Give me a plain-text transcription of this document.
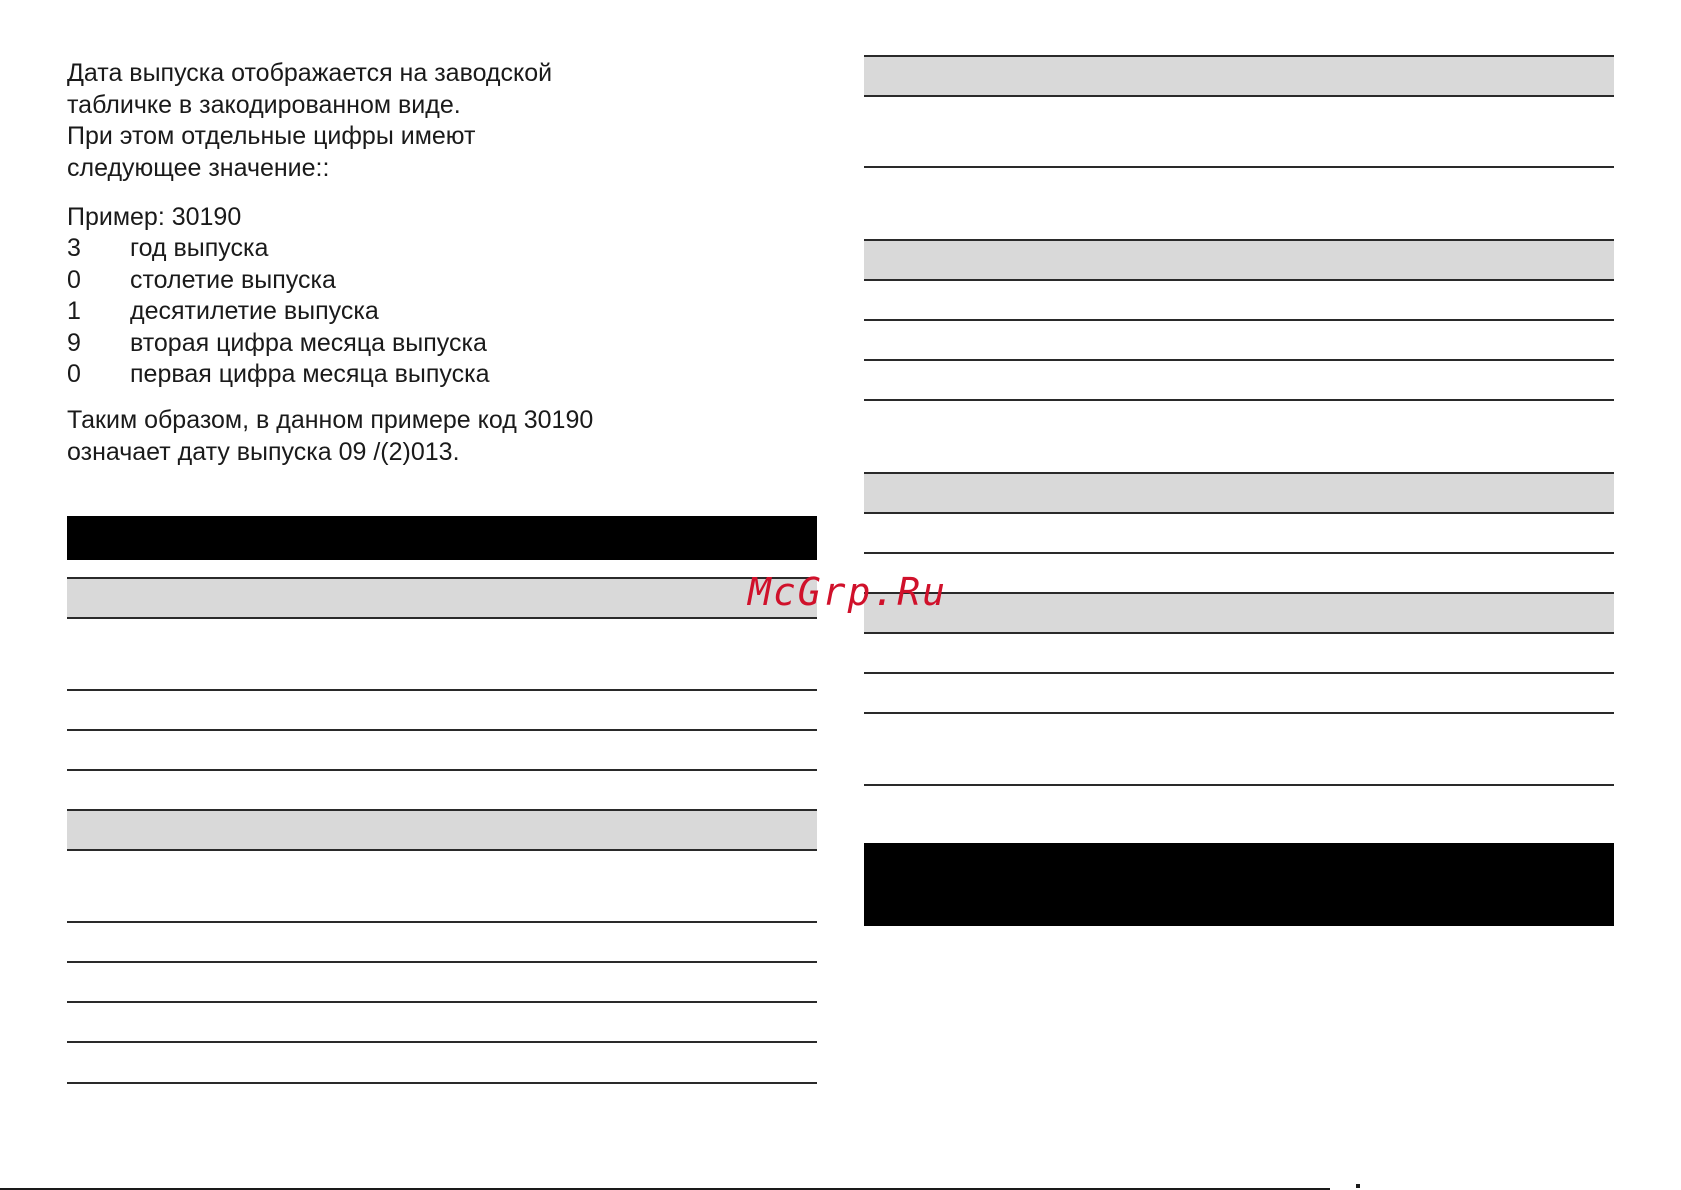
Дата выпуска отображается на заводской
табличке в закодированном виде.
При этом отдельные цифры имеют
следующее значение::

Пример: 30190
3 год выпуска
0 столетие выпуска
1 десятилетие выпуска
9 вторая цифра месяца выпуска
0 первая цифра месяца выпуска

Таким образом, в данном примере код 30190
означает дату выпуска 09 /(2)013.

McGrp.Ru
